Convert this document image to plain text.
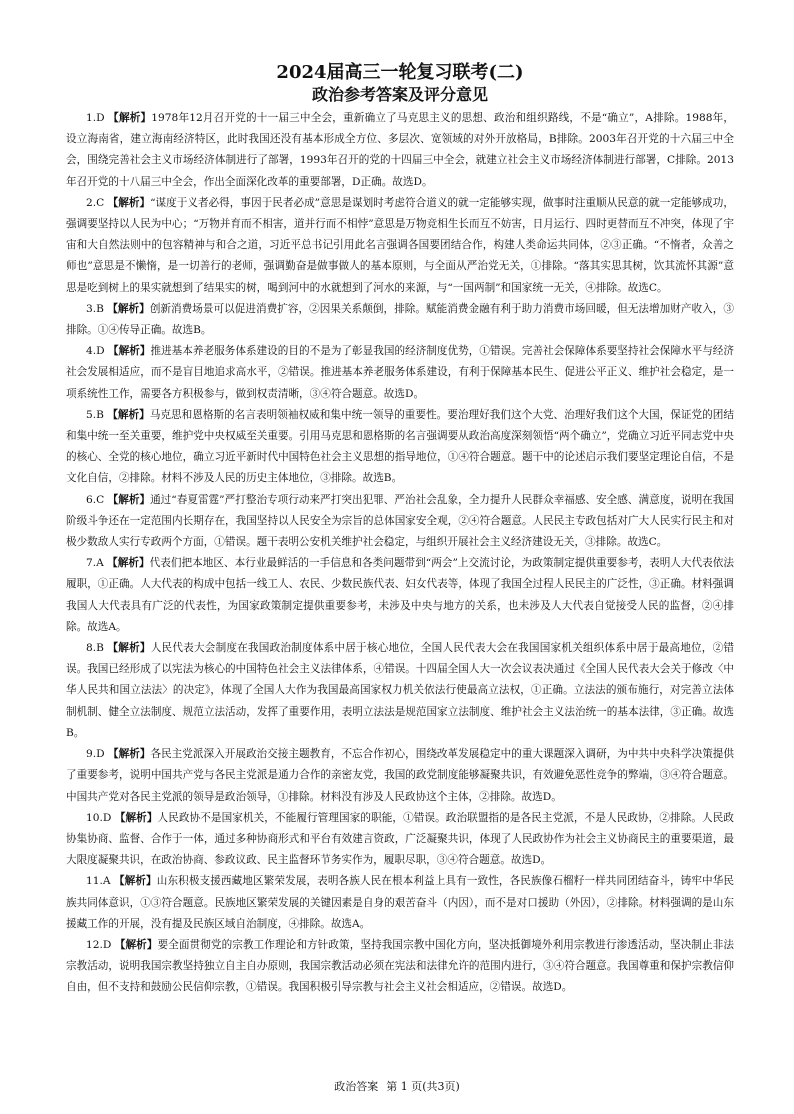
2024届高三一轮复习联考(二)
政治参考答案及评分意见

1.D 【解析】1978年12月召开党的十一届三中全会，重新确立了马克思主义的思想、政治和组织路线，不是“确立”，A排除。1988年，设立海南省，建立海南经济特区，此时我国还没有基本形成全方位、多层次、宽领域的对外开放格局，B排除。2003年召开党的十六届三中全会，围绕完善社会主义市场经济体制进行了部署，1993年召开的党的十四届三中全会，就建立社会主义市场经济体制进行部署，C排除。2013年召开党的十八届三中全会，作出全面深化改革的重要部署，D正确。故选D。

2.C 【解析】“谋度于义者必得，事因于民者必成”意思是谋划时考虑符合道义的就一定能够实现，做事时注重顺从民意的就一定能够成功，强调要坚持以人民为中心；“万物并育而不相害，道并行而不相悖”意思是万物竞相生长而互不妨害，日月运行、四时更替而互不冲突，体现了宇宙和大自然法则中的包容精神与和合之道，习近平总书记引用此名言强调各国要团结合作，构建人类命运共同体，②③正确。“不惰者，众善之师也”意思是不懒惰，是一切善行的老师，强调勤奋是做事做人的基本原则，与全面从严治党无关，①排除。“落其实思其树，饮其流怀其源”意思是吃到树上的果实就想到了结果实的树，喝到河中的水就想到了河水的来源，与“一国两制”和国家统一无关，④排除。故选C。

3.B 【解析】创新消费场景可以促进消费扩容，②因果关系颠倒，排除。赋能消费金融有利于助力消费市场回暖，但无法增加财产收入，③排除。①④传导正确。故选B。

4.D 【解析】推进基本养老服务体系建设的目的不是为了彰显我国的经济制度优势，①错误。完善社会保障体系要坚持社会保障水平与经济社会发展相适应，而不是盲目地追求高水平，②错误。推进基本养老服务体系建设，有利于保障基本民生、促进公平正义、维护社会稳定，是一项系统性工作，需要各方积极参与，做到权责清晰，③④符合题意。故选D。

5.B 【解析】马克思和恩格斯的名言表明领袖权威和集中统一领导的重要性。要治理好我们这个大党、治理好我们这个大国，保证党的团结和集中统一至关重要，维护党中央权威至关重要。引用马克思和恩格斯的名言强调要从政治高度深刻领悟“两个确立”，党确立习近平同志党中央的核心、全党的核心地位，确立习近平新时代中国特色社会主义思想的指导地位，①④符合题意。题干中的论述启示我们要坚定理论自信，不是文化自信，②排除。材料不涉及人民的历史主体地位，③排除。故选B。

6.C 【解析】通过“春夏雷霆”严打整治专项行动来严打突出犯罪、严治社会乱象，全力提升人民群众幸福感、安全感、满意度，说明在我国阶级斗争还在一定范围内长期存在，我国坚持以人民安全为宗旨的总体国家安全观，②④符合题意。人民民主专政包括对广大人民实行民主和对极少数敌人实行专政两个方面，①错误。题干表明公安机关维护社会稳定，与组织开展社会主义经济建设无关，③排除。故选C。

7.A 【解析】代表们把本地区、本行业最鲜活的一手信息和各类问题带到“两会”上交流讨论，为政策制定提供重要参考，表明人大代表依法履职，①正确。人大代表的构成中包括一线工人、农民、少数民族代表、妇女代表等，体现了我国全过程人民民主的广泛性，③正确。材料强调我国人大代表具有广泛的代表性，为国家政策制定提供重要参考，未涉及中央与地方的关系，也未涉及人大代表自觉接受人民的监督，②④排除。故选A。

8.B 【解析】人民代表大会制度在我国政治制度体系中居于核心地位，全国人民代表大会在我国国家机关组织体系中居于最高地位，②错误。我国已经形成了以宪法为核心的中国特色社会主义法律体系，④错误。十四届全国人大一次会议表决通过《全国人民代表大会关于修改〈中华人民共和国立法法〉的决定》，体现了全国人大作为我国最高国家权力机关依法行使最高立法权，①正确。立法法的颁布施行，对完善立法体制机制、健全立法制度、规范立法活动，发挥了重要作用，表明立法法是规范国家立法制度、维护社会主义法治统一的基本法律，③正确。故选B。

9.D 【解析】各民主党派深入开展政治交接主题教育，不忘合作初心，围绕改革发展稳定中的重大课题深入调研，为中共中央科学决策提供了重要参考，说明中国共产党与各民主党派是通力合作的亲密友党，我国的政党制度能够凝聚共识，有效避免恶性竞争的弊端，③④符合题意。中国共产党对各民主党派的领导是政治领导，①排除。材料没有涉及人民政协这个主体，②排除。故选D。

10.D 【解析】人民政协不是国家机关，不能履行管理国家的职能，①错误。政治联盟指的是各民主党派，不是人民政协，②排除。人民政协集协商、监督、合作于一体，通过多种协商形式和平台有效建言资政，广泛凝聚共识，体现了人民政协作为社会主义协商民主的重要渠道，最大限度凝聚共识，在政治协商、参政议政、民主监督环节务实作为，履职尽职，③④符合题意。故选D。

11.A 【解析】山东积极支援西藏地区繁荣发展，表明各族人民在根本利益上具有一致性，各民族像石榴籽一样共同团结奋斗，铸牢中华民族共同体意识，①③符合题意。民族地区繁荣发展的关键因素是自身的艰苦奋斗（内因），而不是对口援助（外因），②排除。材料强调的是山东援藏工作的开展，没有提及民族区域自治制度，④排除。故选A。

12.D 【解析】要全面贯彻党的宗教工作理论和方针政策，坚持我国宗教中国化方向，坚决抵御境外利用宗教进行渗透活动，坚决制止非法宗教活动，说明我国宗教坚持独立自主自办原则，我国宗教活动必须在宪法和法律允许的范围内进行，③④符合题意。我国尊重和保护宗教信仰自由，但不支持和鼓励公民信仰宗教，①错误。我国积极引导宗教与社会主义社会相适应，②错误。故选D。

政治答案 第 1 页(共3页)
